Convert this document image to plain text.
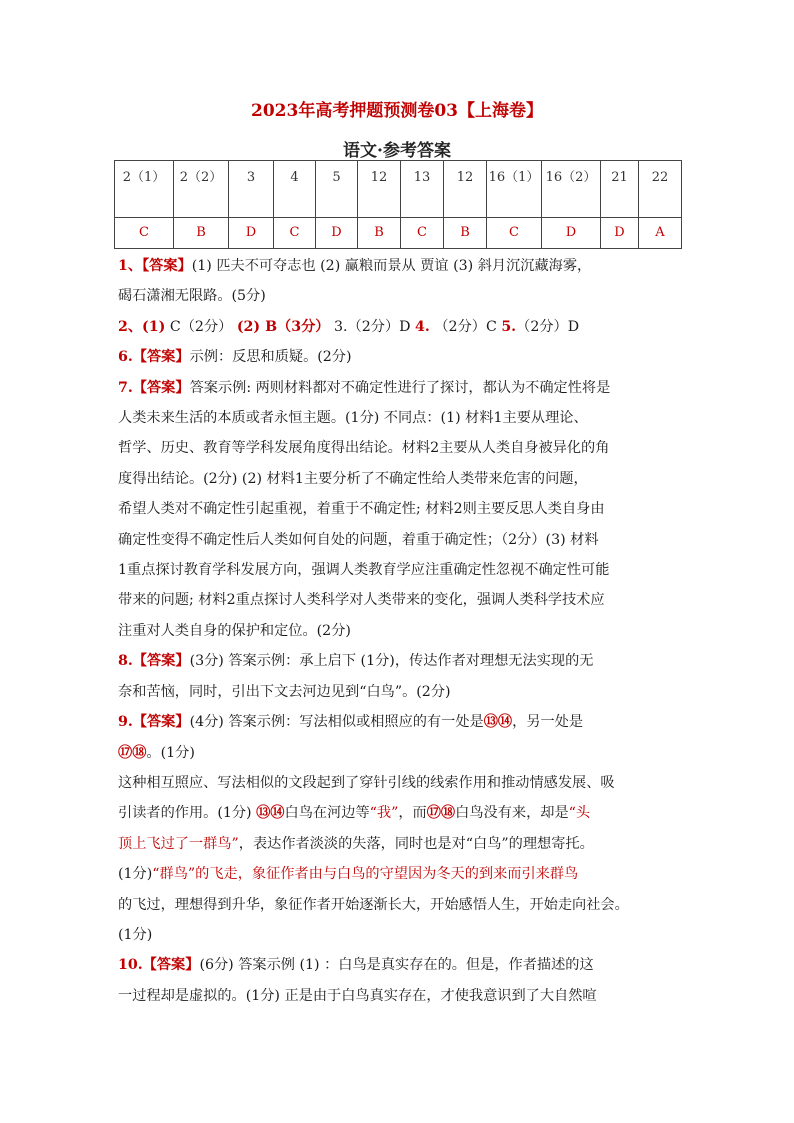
2023年高考押题预测卷03【上海卷】
语文·参考答案
2（1）	2（2）	3	4	5	12	13	12	16（1）	16（2）	21	22
C	B	D	C	D	B	C	B	C	D	D	A

1、【答案】(1) 匹夫不可夺志也 (2) 赢粮而景从 贾谊 (3) 斜月沉沉藏海雾，

碣石潇湘无限路。(5分)

2、(1) C（2分） (2) B（3分） 3.（2分）D 4. （2分）C 5.（2分）D

6.【答案】示例：反思和质疑。(2分)

7.【答案】答案示例: 两则材料都对不确定性进行了探讨，都认为不确定性将是

人类未来生活的本质或者永恒主题。(1分) 不同点：(1) 材料1主要从理论、

哲学、历史、教育等学科发展角度得出结论。材料2主要从人类自身被异化的角

度得出结论。(2分) (2) 材料1主要分析了不确定性给人类带来危害的问题，

希望人类对不确定性引起重视，着重于不确定性; 材料2则主要反思人类自身由

确定性变得不确定性后人类如何自处的问题，着重于确定性；（2分）(3) 材料

1重点探讨教育学科发展方向，强调人类教育学应注重确定性忽视不确定性可能

带来的问题; 材料2重点探讨人类科学对人类带来的变化，强调人类科学技术应

注重对人类自身的保护和定位。(2分)

8.【答案】(3分) 答案示例：承上启下 (1分)，传达作者对理想无法实现的无

奈和苦恼，同时，引出下文去河边见到“白鸟”。(2分)

9.【答案】(4分) 答案示例：写法相似或相照应的有一处是⑬⑭，另一处是

⑰⑱。(1分)

这种相互照应、写法相似的文段起到了穿针引线的线索作用和推动情感发展、吸

引读者的作用。(1分) ⑬⑭白鸟在河边等“我”，而⑰⑱白鸟没有来，却是“头

顶上飞过了一群鸟”，表达作者淡淡的失落，同时也是对“白鸟”的理想寄托。

(1分)“群鸟”的飞走，象征作者由与白鸟的守望因为冬天的到来而引来群鸟

的飞过，理想得到升华，象征作者开始逐渐长大，开始感悟人生，开始走向社会。

(1分)

10.【答案】(6分) 答案示例 (1) ：白鸟是真实存在的。但是，作者描述的这

一过程却是虚拟的。(1分) 正是由于白鸟真实存在，才使我意识到了大自然喧
